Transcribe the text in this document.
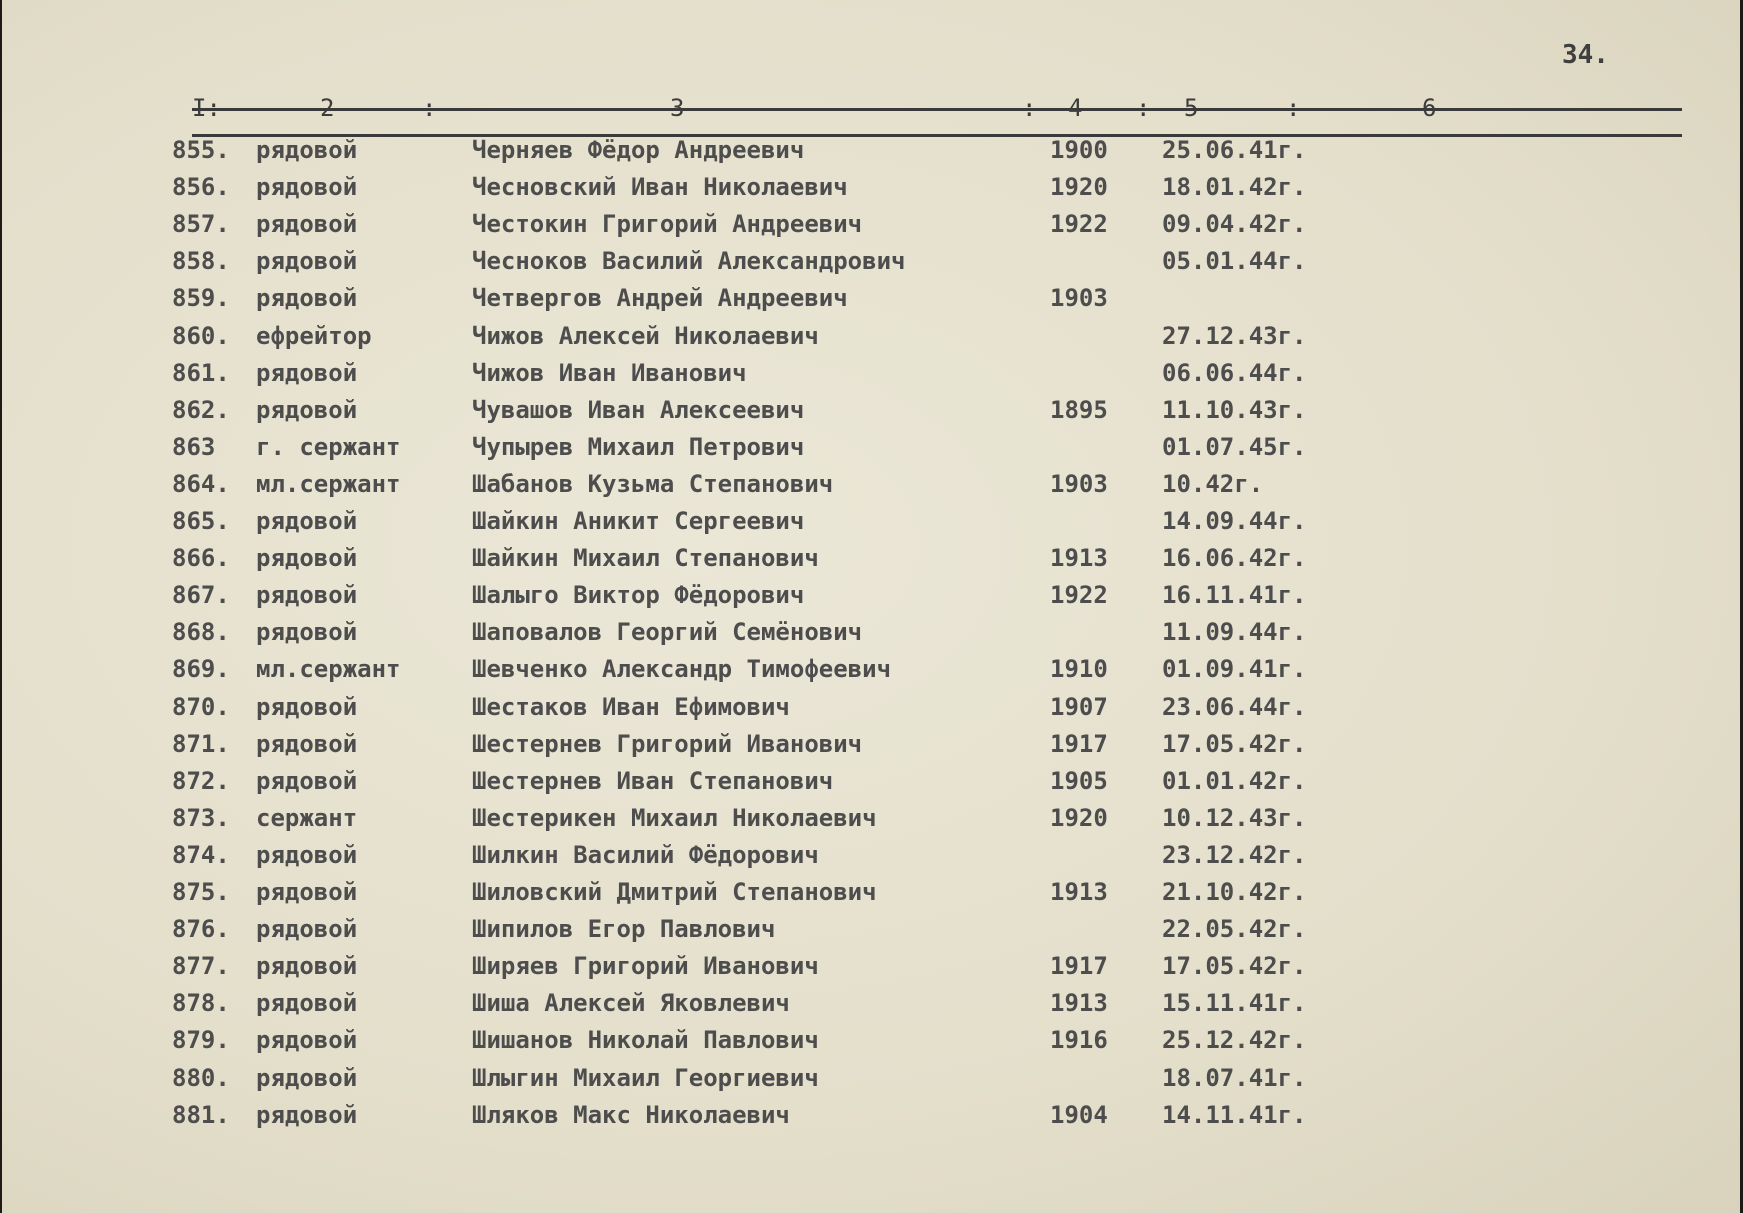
34.
I:	2	:	3	: 4 : 5	:	6
855. рядовой	Черняев Фёдор Андреевич	1900 25.06.41г.
856. рядовой	Чесновский Иван Николаевич	1920 18.01.42г.
857. рядовой	Честокин Григорий Андреевич	1922 09.04.42г.
858. рядовой	Чесноков Василий Александрович	05.01.44г.
859. рядовой	Четвергов Андрей Андреевич	1903
860. ефрейтор	Чижов Алексей Николаевич	27.12.43г.
861. рядовой	Чижов Иван Иванович	06.06.44г.
862. рядовой	Чувашов Иван Алексеевич	1895 11.10.43г.
863 г. сержант	Чупырев Михаил Петрович	01.07.45г.
864. мл.сержант	Шабанов Кузьма Степанович	1903 10.42г.
865. рядовой	Шайкин Аникит Сергеевич	14.09.44г.
866. рядовой	Шайкин Михаил Степанович	1913 16.06.42г.
867. рядовой	Шалыго Виктор Фёдорович	1922 16.11.41г.
868. рядовой	Шаповалов Георгий Семёнович	11.09.44г.
869. мл.сержант	Шевченко Александр Тимофеевич	1910 01.09.41г.
870. рядовой	Шестаков Иван Ефимович	1907 23.06.44г.
871. рядовой	Шестернев Григорий Иванович	1917 17.05.42г.
872. рядовой	Шестернев Иван Степанович	1905 01.01.42г.
873. сержант	Шестерикен Михаил Николаевич	1920 10.12.43г.
874. рядовой	Шилкин Василий Фёдорович	23.12.42г.
875. рядовой	Шиловский Дмитрий Степанович	1913 21.10.42г.
876. рядовой	Шипилов Егор Павлович	22.05.42г.
877. рядовой	Ширяев Григорий Иванович	1917 17.05.42г.
878. рядовой	Шиша Алексей Яковлевич	1913 15.11.41г.
879. рядовой	Шишанов Николай Павлович	1916 25.12.42г.
880. рядовой	Шлыгин Михаил Георгиевич	18.07.41г.
881. рядовой	Шляков Макс Николаевич	1904 14.11.41г.
